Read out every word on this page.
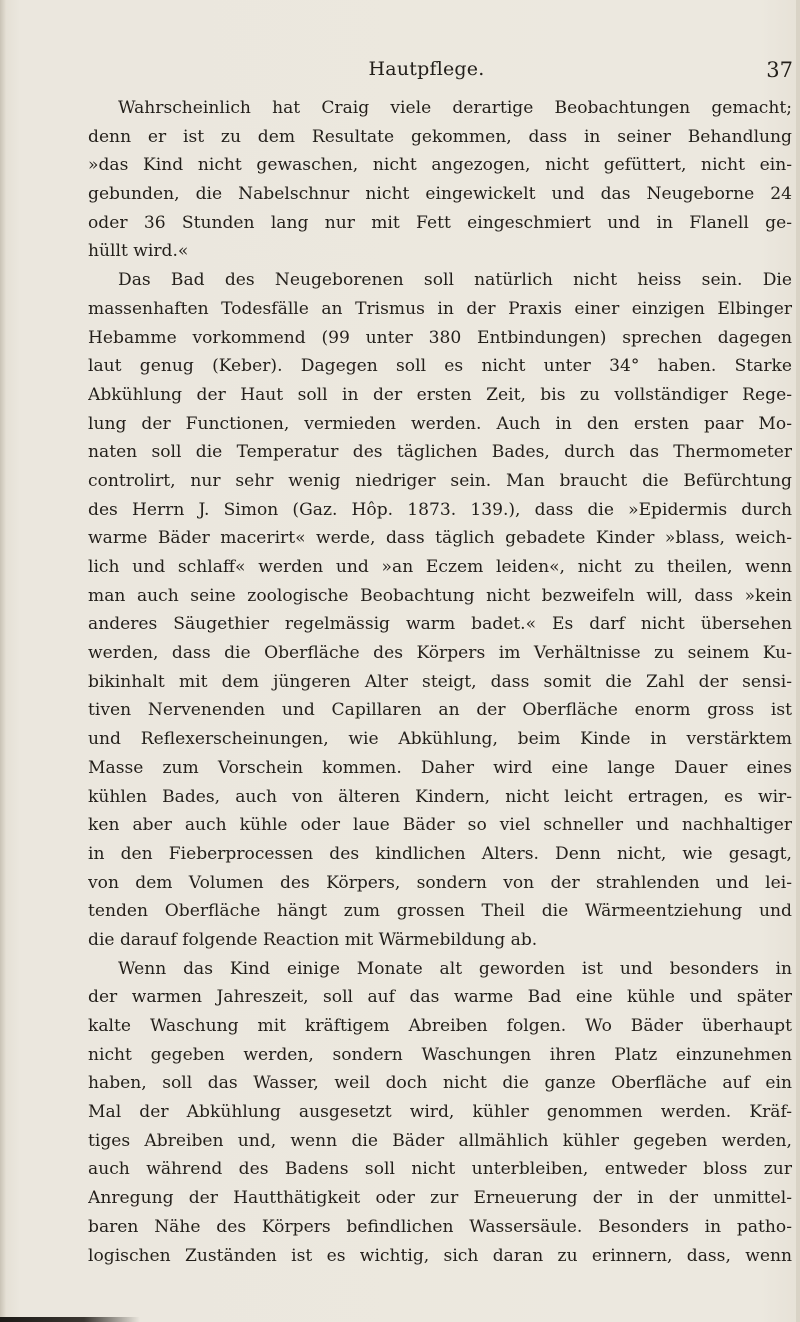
Hautpflege.	37
Wahrscheinlich hat Craig viele derartige Beobachtungen gemacht;
denn er ist zu dem Resultate gekommen, dass in seiner Behandlung
»das Kind nicht gewaschen, nicht angezogen, nicht gefüttert, nicht ein-
gebunden, die Nabelschnur nicht eingewickelt und das Neugeborne 24
oder 36 Stunden lang nur mit Fett eingeschmiert und in Flanell ge-
hüllt wird.«
Das Bad des Neugeborenen soll natürlich nicht heiss sein. Die
massenhaften Todesfälle an Trismus in der Praxis einer einzigen Elbinger
Hebamme vorkommend (99 unter 380 Entbindungen) sprechen dagegen
laut genug (Keber). Dagegen soll es nicht unter 34° haben. Starke
Abkühlung der Haut soll in der ersten Zeit, bis zu vollständiger Rege-
lung der Functionen, vermieden werden. Auch in den ersten paar Mo-
naten soll die Temperatur des täglichen Bades, durch das Thermometer
controlirt, nur sehr wenig niedriger sein. Man braucht die Befürchtung
des Herrn J. Simon (Gaz. Hôp. 1873. 139.), dass die »Epidermis durch
warme Bäder macerirt« werde, dass täglich gebadete Kinder »blass, weich-
lich und schlaff« werden und »an Eczem leiden«, nicht zu theilen, wenn
man auch seine zoologische Beobachtung nicht bezweifeln will, dass »kein
anderes Säugethier regelmässig warm badet.« Es darf nicht übersehen
werden, dass die Oberfläche des Körpers im Verhältnisse zu seinem Ku-
bikinhalt mit dem jüngeren Alter steigt, dass somit die Zahl der sensi-
tiven Nervenenden und Capillaren an der Oberfläche enorm gross ist
und Reflexerscheinungen, wie Abkühlung, beim Kinde in verstärktem
Masse zum Vorschein kommen. Daher wird eine lange Dauer eines
kühlen Bades, auch von älteren Kindern, nicht leicht ertragen, es wir-
ken aber auch kühle oder laue Bäder so viel schneller und nachhaltiger
in den Fieberprocessen des kindlichen Alters. Denn nicht, wie gesagt,
von dem Volumen des Körpers, sondern von der strahlenden und lei-
tenden Oberfläche hängt zum grossen Theil die Wärmeentziehung und
die darauf folgende Reaction mit Wärmebildung ab.
Wenn das Kind einige Monate alt geworden ist und besonders in
der warmen Jahreszeit, soll auf das warme Bad eine kühle und später
kalte Waschung mit kräftigem Abreiben folgen. Wo Bäder überhaupt
nicht gegeben werden, sondern Waschungen ihren Platz einzunehmen
haben, soll das Wasser, weil doch nicht die ganze Oberfläche auf ein
Mal der Abkühlung ausgesetzt wird, kühler genommen werden. Kräf-
tiges Abreiben und, wenn die Bäder allmählich kühler gegeben werden,
auch während des Badens soll nicht unterbleiben, entweder bloss zur
Anregung der Hautthätigkeit oder zur Erneuerung der in der unmittel-
baren Nähe des Körpers befindlichen Wassersäule. Besonders in patho-
logischen Zuständen ist es wichtig, sich daran zu erinnern, dass, wenn
